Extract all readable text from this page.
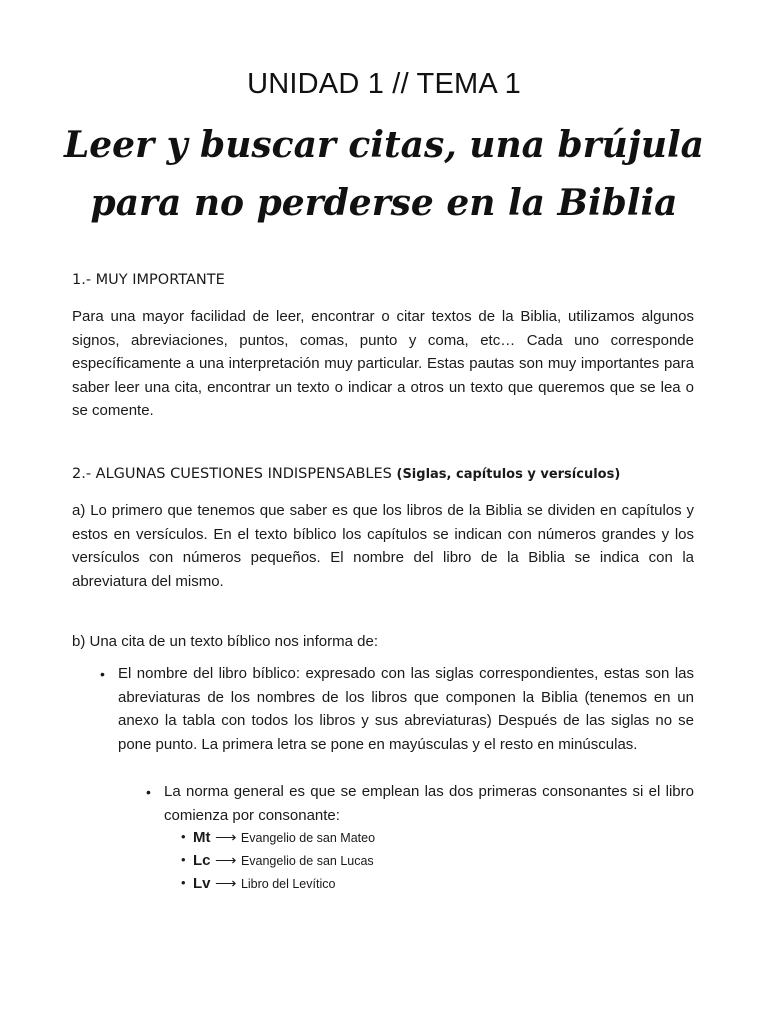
UNIDAD 1 // TEMA 1
Leer y buscar citas, una brújula
para no perderse en la Biblia
1.- MUY IMPORTANTE
Para una mayor facilidad de leer, encontrar o citar textos de la Biblia, utilizamos algunos signos, abreviaciones, puntos, comas, punto y coma, etc… Cada uno corresponde específicamente a una interpretación muy particular. Estas pautas son muy importantes para saber leer una cita, encontrar un texto o indicar a otros un texto que queremos que se lea o se comente.
2.- ALGUNAS CUESTIONES INDISPENSABLES (Siglas, capítulos y versículos)
a) Lo primero que tenemos que saber es que los libros de la Biblia se dividen en capítulos y estos en versículos. En el texto bíblico los capítulos se indican con números grandes y los versículos con números pequeños. El nombre del libro de la Biblia se indica con la abreviatura del mismo.
b) Una cita de un texto bíblico nos informa de:
• El nombre del libro bíblico: expresado con las siglas correspondientes, estas son las abreviaturas de los nombres de los libros que componen la Biblia (tenemos en un anexo la tabla con todos los libros y sus abreviaturas) Después de las siglas no se pone punto. La primera letra se pone en mayúsculas y el resto en minúsculas.
• La norma general es que se emplean las dos primeras consonantes si el libro comienza por consonante:
• Mt ⟶ Evangelio de san Mateo
• Lc ⟶ Evangelio de san Lucas
• Lv ⟶ Libro del Levítico
